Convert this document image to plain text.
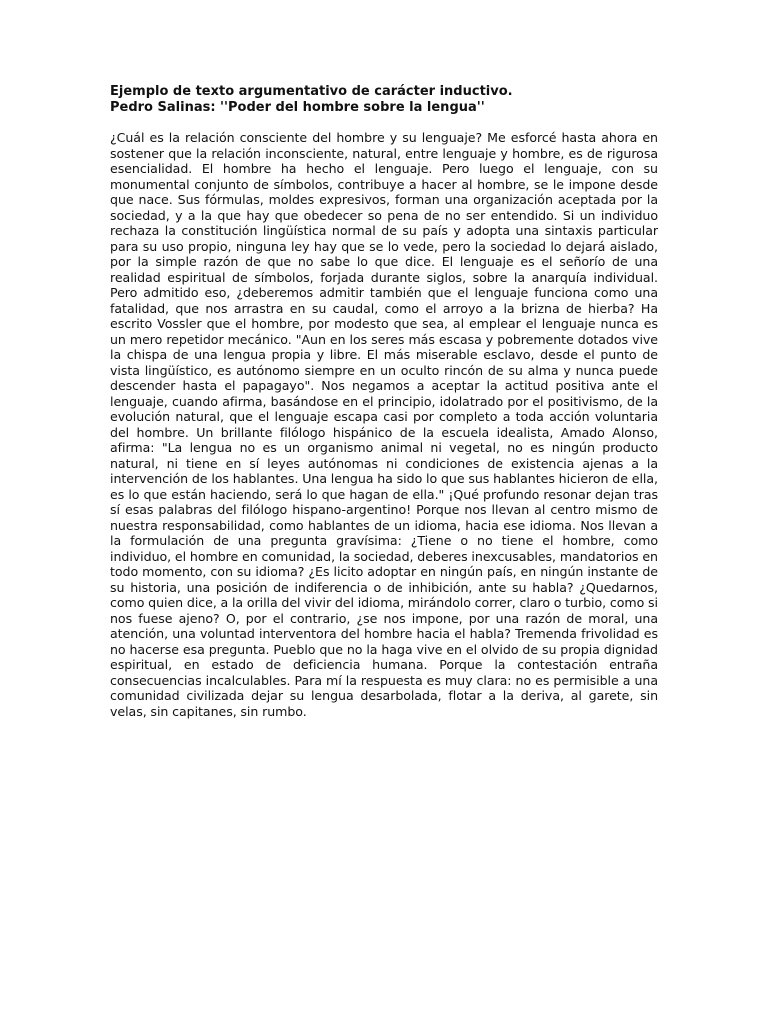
Ejemplo de texto argumentativo de carácter inductivo.

Pedro Salinas: ''Poder del hombre sobre la lengua''

¿Cuál es la relación consciente del hombre y su lenguaje? Me esforcé hasta ahora en sostener que la relación inconsciente, natural, entre lenguaje y hombre, es de rigurosa esencialidad. El hombre ha hecho el lenguaje. Pero luego el lenguaje, con su monumental conjunto de símbolos, contribuye a hacer al hombre, se le impone desde que nace. Sus fórmulas, moldes expresivos, forman una organización aceptada por la sociedad, y a la que hay que obedecer so pena de no ser entendido. Si un individuo rechaza la constitución lingüística normal de su país y adopta una sintaxis particular para su uso propio, ninguna ley hay que se lo vede, pero la sociedad lo dejará aislado, por la simple razón de que no sabe lo que dice. El lenguaje es el señorío de una realidad espiritual de símbolos, forjada durante siglos, sobre la anarquía individual. Pero admitido eso, ¿deberemos admitir también que el lenguaje funciona como una fatalidad, que nos arrastra en su caudal, como el arroyo a la brizna de hierba? Ha escrito Vossler que el hombre, por modesto que sea, al emplear el lenguaje nunca es un mero repetidor mecánico. "Aun en los seres más escasa y pobremente dotados vive la chispa de una lengua propia y libre. El más miserable esclavo, desde el punto de vista lingüístico, es autónomo siempre en un oculto rincón de su alma y nunca puede descender hasta el papagayo". Nos negamos a aceptar la actitud positiva ante el lenguaje, cuando afirma, basándose en el principio, idolatrado por el positivismo, de la evolución natural, que el lenguaje escapa casi por completo a toda acción voluntaria del hombre. Un brillante filólogo hispánico de la escuela idealista, Amado Alonso, afirma: "La lengua no es un organismo animal ni vegetal, no es ningún producto natural, ni tiene en sí leyes autónomas ni condiciones de existencia ajenas a la intervención de los hablantes. Una lengua ha sido lo que sus hablantes hicieron de ella, es lo que están haciendo, será lo que hagan de ella." ¡Qué profundo resonar dejan tras sí esas palabras del filólogo hispano-argentino! Porque nos llevan al centro mismo de nuestra responsabilidad, como hablantes de un idioma, hacia ese idioma. Nos llevan a la formulación de una pregunta gravísima: ¿Tiene o no tiene el hombre, como individuo, el hombre en comunidad, la sociedad, deberes inexcusables, mandatorios en todo momento, con su idioma? ¿Es licito adoptar en ningún país, en ningún instante de su historia, una posición de indiferencia o de inhibición, ante su habla? ¿Quedarnos, como quien dice, a la orilla del vivir del idioma, mirándolo correr, claro o turbio, como si nos fuese ajeno? O, por el contrario, ¿se nos impone, por una razón de moral, una atención, una voluntad interventora del hombre hacia el habla? Tremenda frivolidad es no hacerse esa pregunta. Pueblo que no la haga vive en el olvido de su propia dignidad espiritual, en estado de deficiencia humana. Porque la contestación entraña consecuencias incalculables. Para mí la respuesta es muy clara: no es permisible a una comunidad civilizada dejar su lengua desarbolada, flotar a la deriva, al garete, sin velas, sin capitanes, sin rumbo.
